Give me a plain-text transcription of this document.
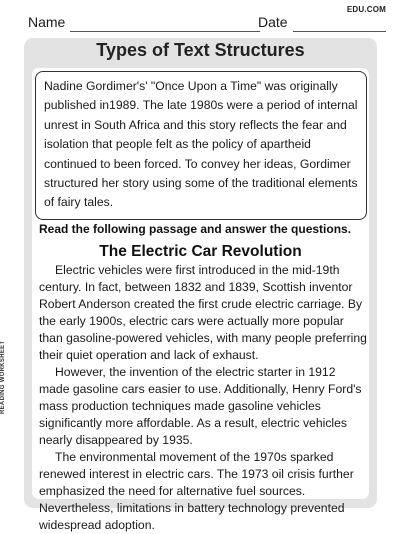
Name	Date
EDU.COM
Types of Text Structures

Nadine Gordimer's' "Once Upon a Time" was originally published in1989. The late 1980s were a period of internal unrest in South Africa and this story reflects the fear and isolation that people felt as the policy of apartheid continued to been forced. To convey her ideas, Gordimer structured her story using some of the traditional elements of fairy tales.

Read the following passage and answer the questions.
The Electric Car Revolution

Electric vehicles were first introduced in the mid-19th century. In fact, between 1832 and 1839, Scottish inventor Robert Anderson created the first crude electric carriage. By the early 1900s, electric cars were actually more popular than gasoline-powered vehicles, with many people preferring their quiet operation and lack of exhaust.

However, the invention of the electric starter in 1912 made gasoline cars easier to use. Additionally, Henry Ford's mass production techniques made gasoline vehicles significantly more affordable. As a result, electric vehicles nearly disappeared by 1935.

The environmental movement of the 1970s sparked renewed interest in electric cars. The 1973 oil crisis further emphasized the need for alternative fuel sources. Nevertheless, limitations in battery technology prevented widespread adoption.

READING WORKSHEET
